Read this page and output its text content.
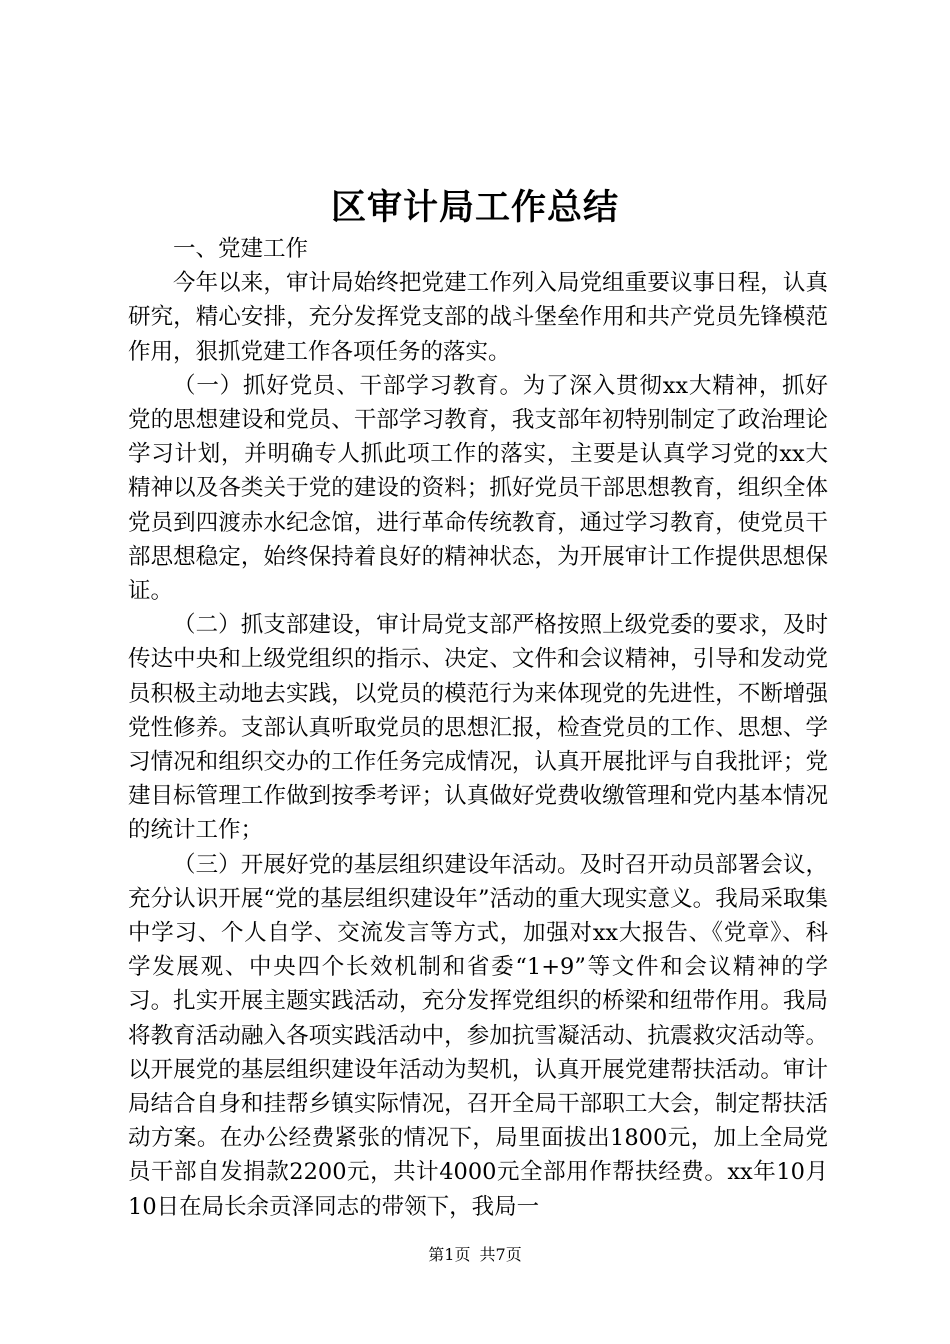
区审计局工作总结

一、党建工作

今年以来，审计局始终把党建工作列入局党组重要议事日程，认真研究，精心安排，充分发挥党支部的战斗堡垒作用和共产党员先锋模范作用，狠抓党建工作各项任务的落实。

（一）抓好党员、干部学习教育。为了深入贯彻xx大精神，抓好党的思想建设和党员、干部学习教育，我支部年初特别制定了政治理论学习计划，并明确专人抓此项工作的落实，主要是认真学习党的xx大精神以及各类关于党的建设的资料；抓好党员干部思想教育，组织全体党员到四渡赤水纪念馆，进行革命传统教育，通过学习教育，使党员干部思想稳定，始终保持着良好的精神状态，为开展审计工作提供思想保证。

（二）抓支部建设，审计局党支部严格按照上级党委的要求，及时传达中央和上级党组织的指示、决定、文件和会议精神，引导和发动党员积极主动地去实践，以党员的模范行为来体现党的先进性，不断增强党性修养。支部认真听取党员的思想汇报，检查党员的工作、思想、学习情况和组织交办的工作任务完成情况，认真开展批评与自我批评；党建目标管理工作做到按季考评；认真做好党费收缴管理和党内基本情况的统计工作；

（三）开展好党的基层组织建设年活动。及时召开动员部署会议，充分认识开展“党的基层组织建设年”活动的重大现实意义。我局采取集中学习、个人自学、交流发言等方式，加强对xx大报告、《党章》、科学发展观、中央四个长效机制和省委“1+9”等文件和会议精神的学习。扎实开展主题实践活动，充分发挥党组织的桥梁和纽带作用。我局将教育活动融入各项实践活动中，参加抗雪凝活动、抗震救灾活动等。以开展党的基层组织建设年活动为契机，认真开展党建帮扶活动。审计局结合自身和挂帮乡镇实际情况，召开全局干部职工大会，制定帮扶活动方案。在办公经费紧张的情况下，局里面拔出1800元，加上全局党员干部自发捐款2200元，共计4000元全部用作帮扶经费。xx年10月10日在局长余贡泽同志的带领下，我局一

第1页 共7页
